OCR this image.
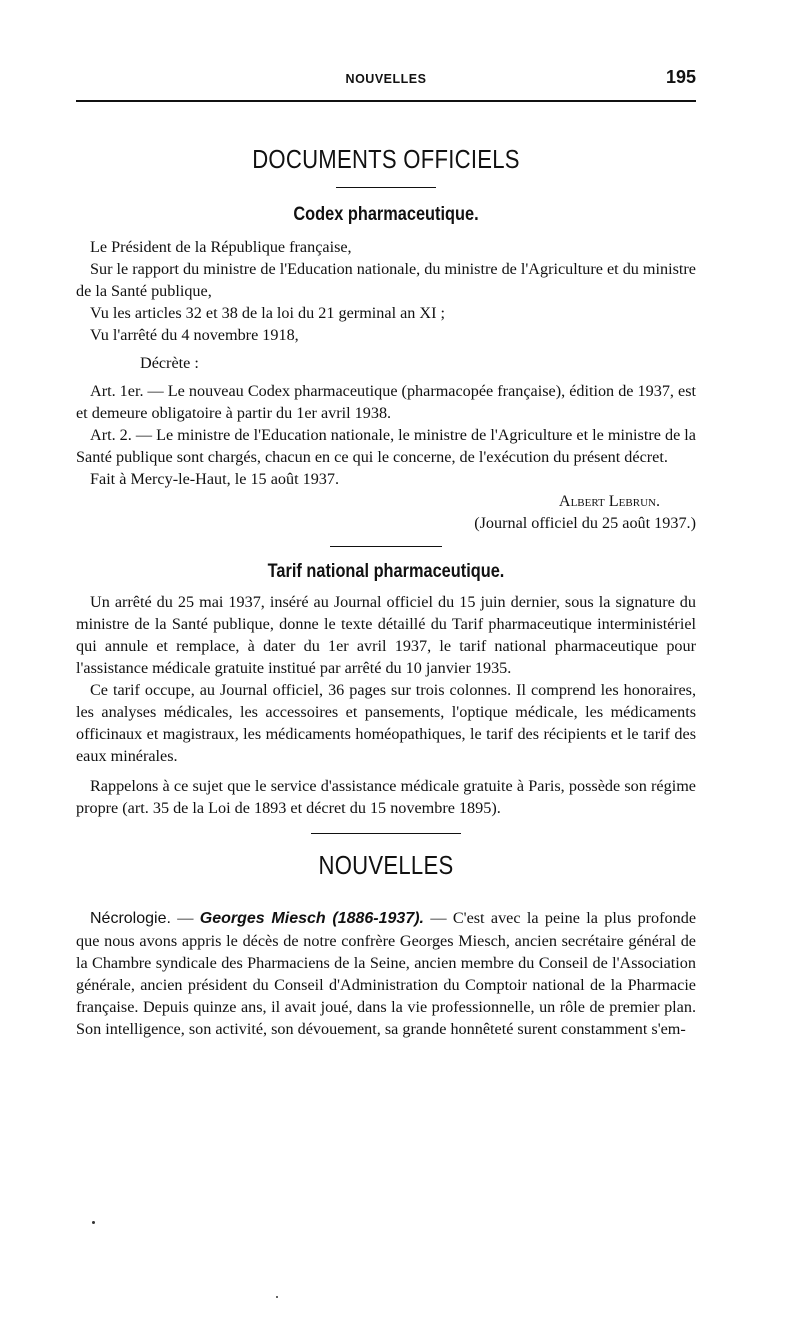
NOUVELLES	195
DOCUMENTS OFFICIELS
Codex pharmaceutique.

Le Président de la République française,

Sur le rapport du ministre de l'Education nationale, du ministre de l'Agriculture et du ministre de la Santé publique,

Vu les articles 32 et 38 de la loi du 21 germinal an XI ;

Vu l'arrêté du 4 novembre 1918,

Décrète :

Art. 1er. — Le nouveau Codex pharmaceutique (pharmacopée française), édition de 1937, est et demeure obligatoire à partir du 1er avril 1938.

Art. 2. — Le ministre de l'Education nationale, le ministre de l'Agriculture et le ministre de la Santé publique sont chargés, chacun en ce qui le concerne, de l'exécution du présent décret.

Fait à Mercy-le-Haut, le 15 août 1937.

Albert Lebrun.

(Journal officiel du 25 août 1937.)

Tarif national pharmaceutique.

Un arrêté du 25 mai 1937, inséré au Journal officiel du 15 juin dernier, sous la signature du ministre de la Santé publique, donne le texte détaillé du Tarif pharmaceutique interministériel qui annule et remplace, à dater du 1er avril 1937, le tarif national pharmaceutique pour l'assistance médicale gratuite institué par arrêté du 10 janvier 1935.

Ce tarif occupe, au Journal officiel, 36 pages sur trois colonnes. Il comprend les honoraires, les analyses médicales, les accessoires et pansements, l'optique médicale, les médicaments officinaux et magistraux, les médicaments homéopathiques, le tarif des récipients et le tarif des eaux minérales.

Rappelons à ce sujet que le service d'assistance médicale gratuite à Paris, possède son régime propre (art. 35 de la Loi de 1893 et décret du 15 novembre 1895).

NOUVELLES

Nécrologie. — Georges Miesch (1886-1937). — C'est avec la peine la plus profonde que nous avons appris le décès de notre confrère Georges Miesch, ancien secrétaire général de la Chambre syndicale des Pharmaciens de la Seine, ancien membre du Conseil de l'Association générale, ancien président du Conseil d'Administration du Comptoir national de la Pharmacie française. Depuis quinze ans, il avait joué, dans la vie professionnelle, un rôle de premier plan. Son intelligence, son activité, son dévouement, sa grande honnêteté surent constamment s'em-
